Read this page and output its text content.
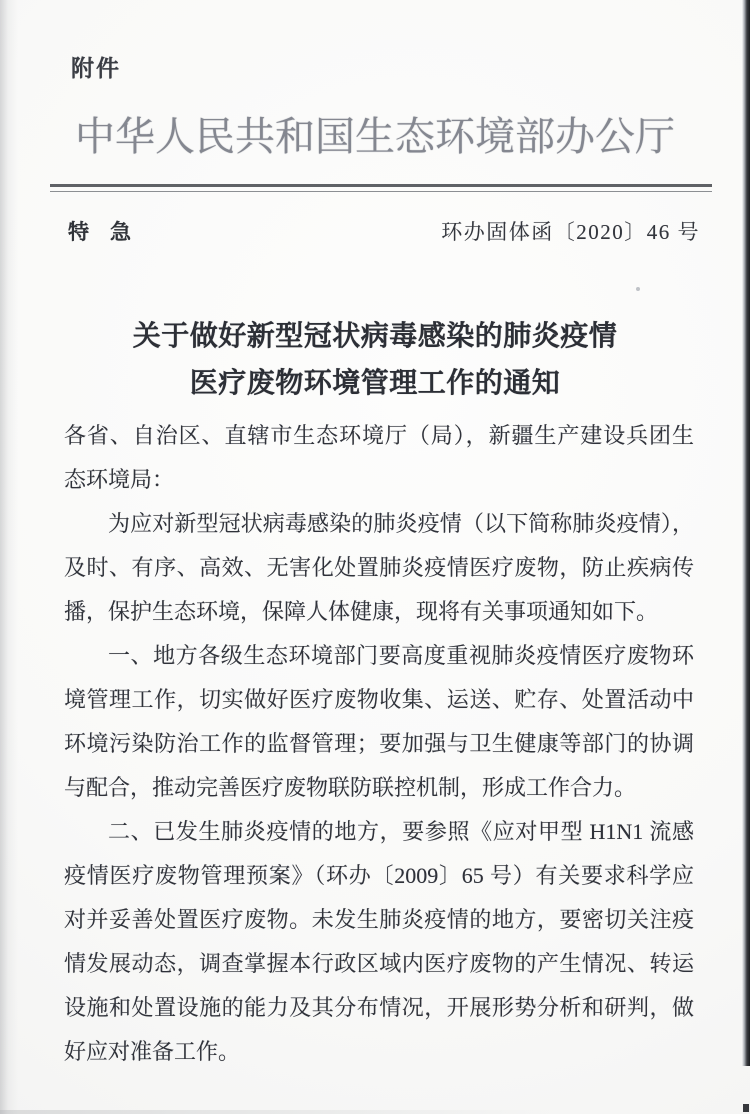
附件
中华人民共和国生态环境部办公厅
特　急	环办固体函〔2020〕46 号
关于做好新型冠状病毒感染的肺炎疫情
医疗废物环境管理工作的通知
各省、自治区、直辖市生态环境厅（局），新疆生产建设兵团生
态环境局：
为应对新型冠状病毒感染的肺炎疫情（以下简称肺炎疫情），
及时、有序、高效、无害化处置肺炎疫情医疗废物，防止疾病传
播，保护生态环境，保障人体健康，现将有关事项通知如下。
一、地方各级生态环境部门要高度重视肺炎疫情医疗废物环
境管理工作，切实做好医疗废物收集、运送、贮存、处置活动中
环境污染防治工作的监督管理；要加强与卫生健康等部门的协调
与配合，推动完善医疗废物联防联控机制，形成工作合力。
二、已发生肺炎疫情的地方，要参照《应对甲型 H1N1 流感
疫情医疗废物管理预案》（环办〔2009〕65 号）有关要求科学应
对并妥善处置医疗废物。未发生肺炎疫情的地方，要密切关注疫
情发展动态，调查掌握本行政区域内医疗废物的产生情况、转运
设施和处置设施的能力及其分布情况，开展形势分析和研判，做
好应对准备工作。
